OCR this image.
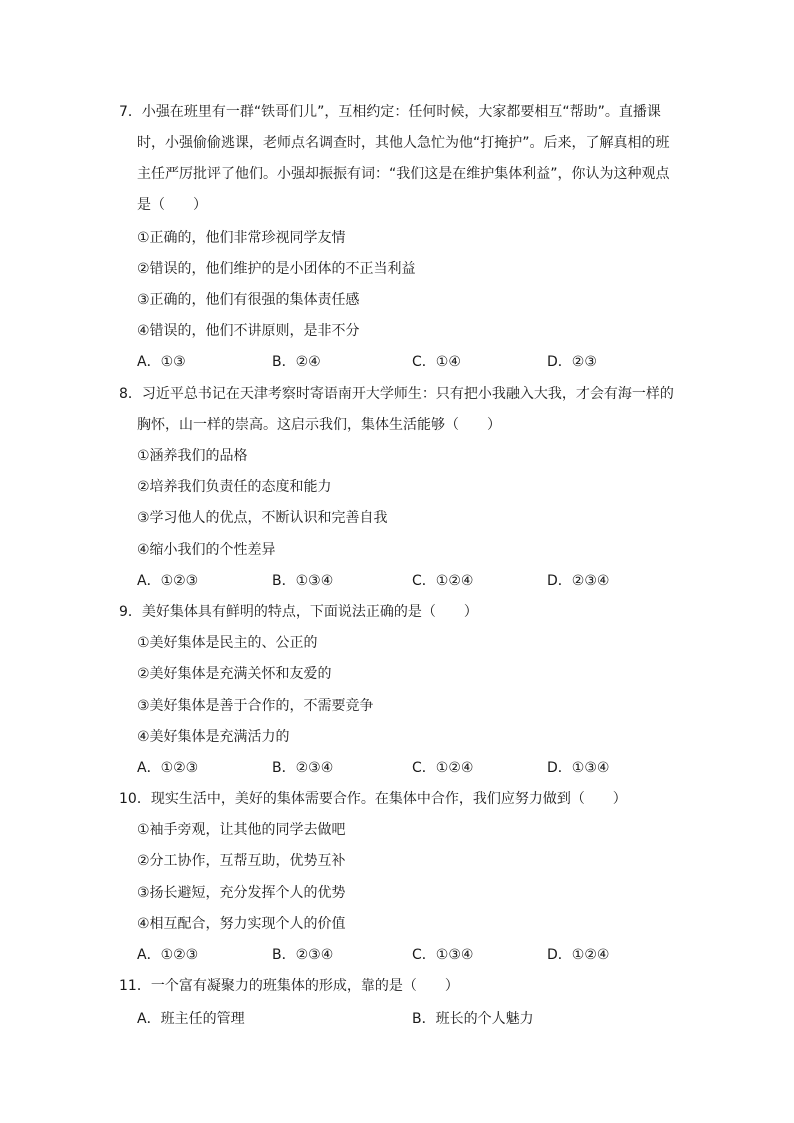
7．小强在班里有一群“铁哥们儿”，互相约定：任何时候，大家都要相互“帮助”。直播课
时，小强偷偷逃课，老师点名调查时，其他人急忙为他“打掩护”。后来，了解真相的班
主任严厉批评了他们。小强却振振有词：“我们这是在维护集体利益”，你认为这种观点
是（　　）
①正确的，他们非常珍视同学友情
②错误的，他们维护的是小团体的不正当利益
③正确的，他们有很强的集体责任感
④错误的，他们不讲原则，是非不分
A．①③	B．②④	C．①④	D．②③
8．习近平总书记在天津考察时寄语南开大学师生：只有把小我融入大我，才会有海一样的
胸怀，山一样的崇高。这启示我们，集体生活能够（　　）
①涵养我们的品格
②培养我们负责任的态度和能力
③学习他人的优点，不断认识和完善自我
④缩小我们的个性差异
A．①②③	B．①③④	C．①②④	D．②③④
9．美好集体具有鲜明的特点，下面说法正确的是（　　）
①美好集体是民主的、公正的
②美好集体是充满关怀和友爱的
③美好集体是善于合作的，不需要竞争
④美好集体是充满活力的
A．①②③	B．②③④	C．①②④	D．①③④
10．现实生活中，美好的集体需要合作。在集体中合作，我们应努力做到（　　）
①袖手旁观，让其他的同学去做吧
②分工协作，互帮互助，优势互补
③扬长避短，充分发挥个人的优势
④相互配合，努力实现个人的价值
A．①②③	B．②③④	C．①③④	D．①②④
11．一个富有凝聚力的班集体的形成，靠的是（　　）
A．班主任的管理	B．班长的个人魅力
